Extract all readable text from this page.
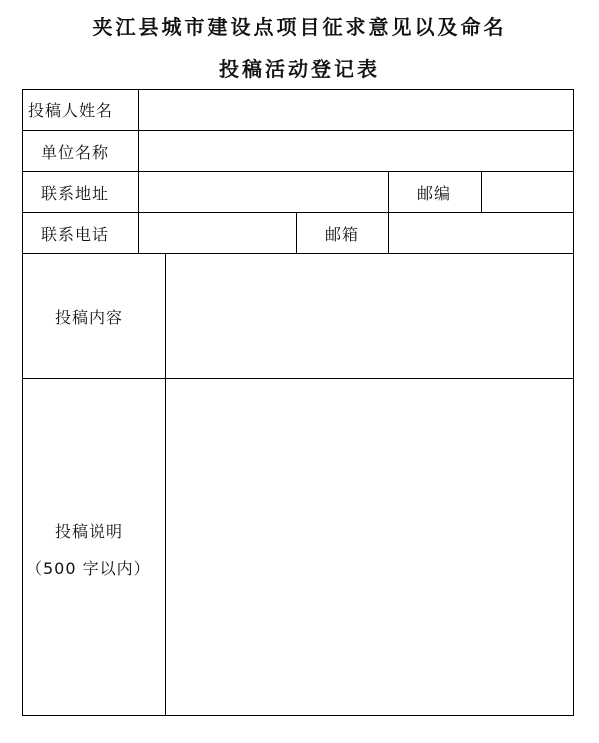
夹江县城市建设点项目征求意见以及命名
投稿活动登记表
投稿人姓名
单位名称
联系地址	邮编
联系电话	邮箱
投稿内容
投稿说明
（500 字以内）
